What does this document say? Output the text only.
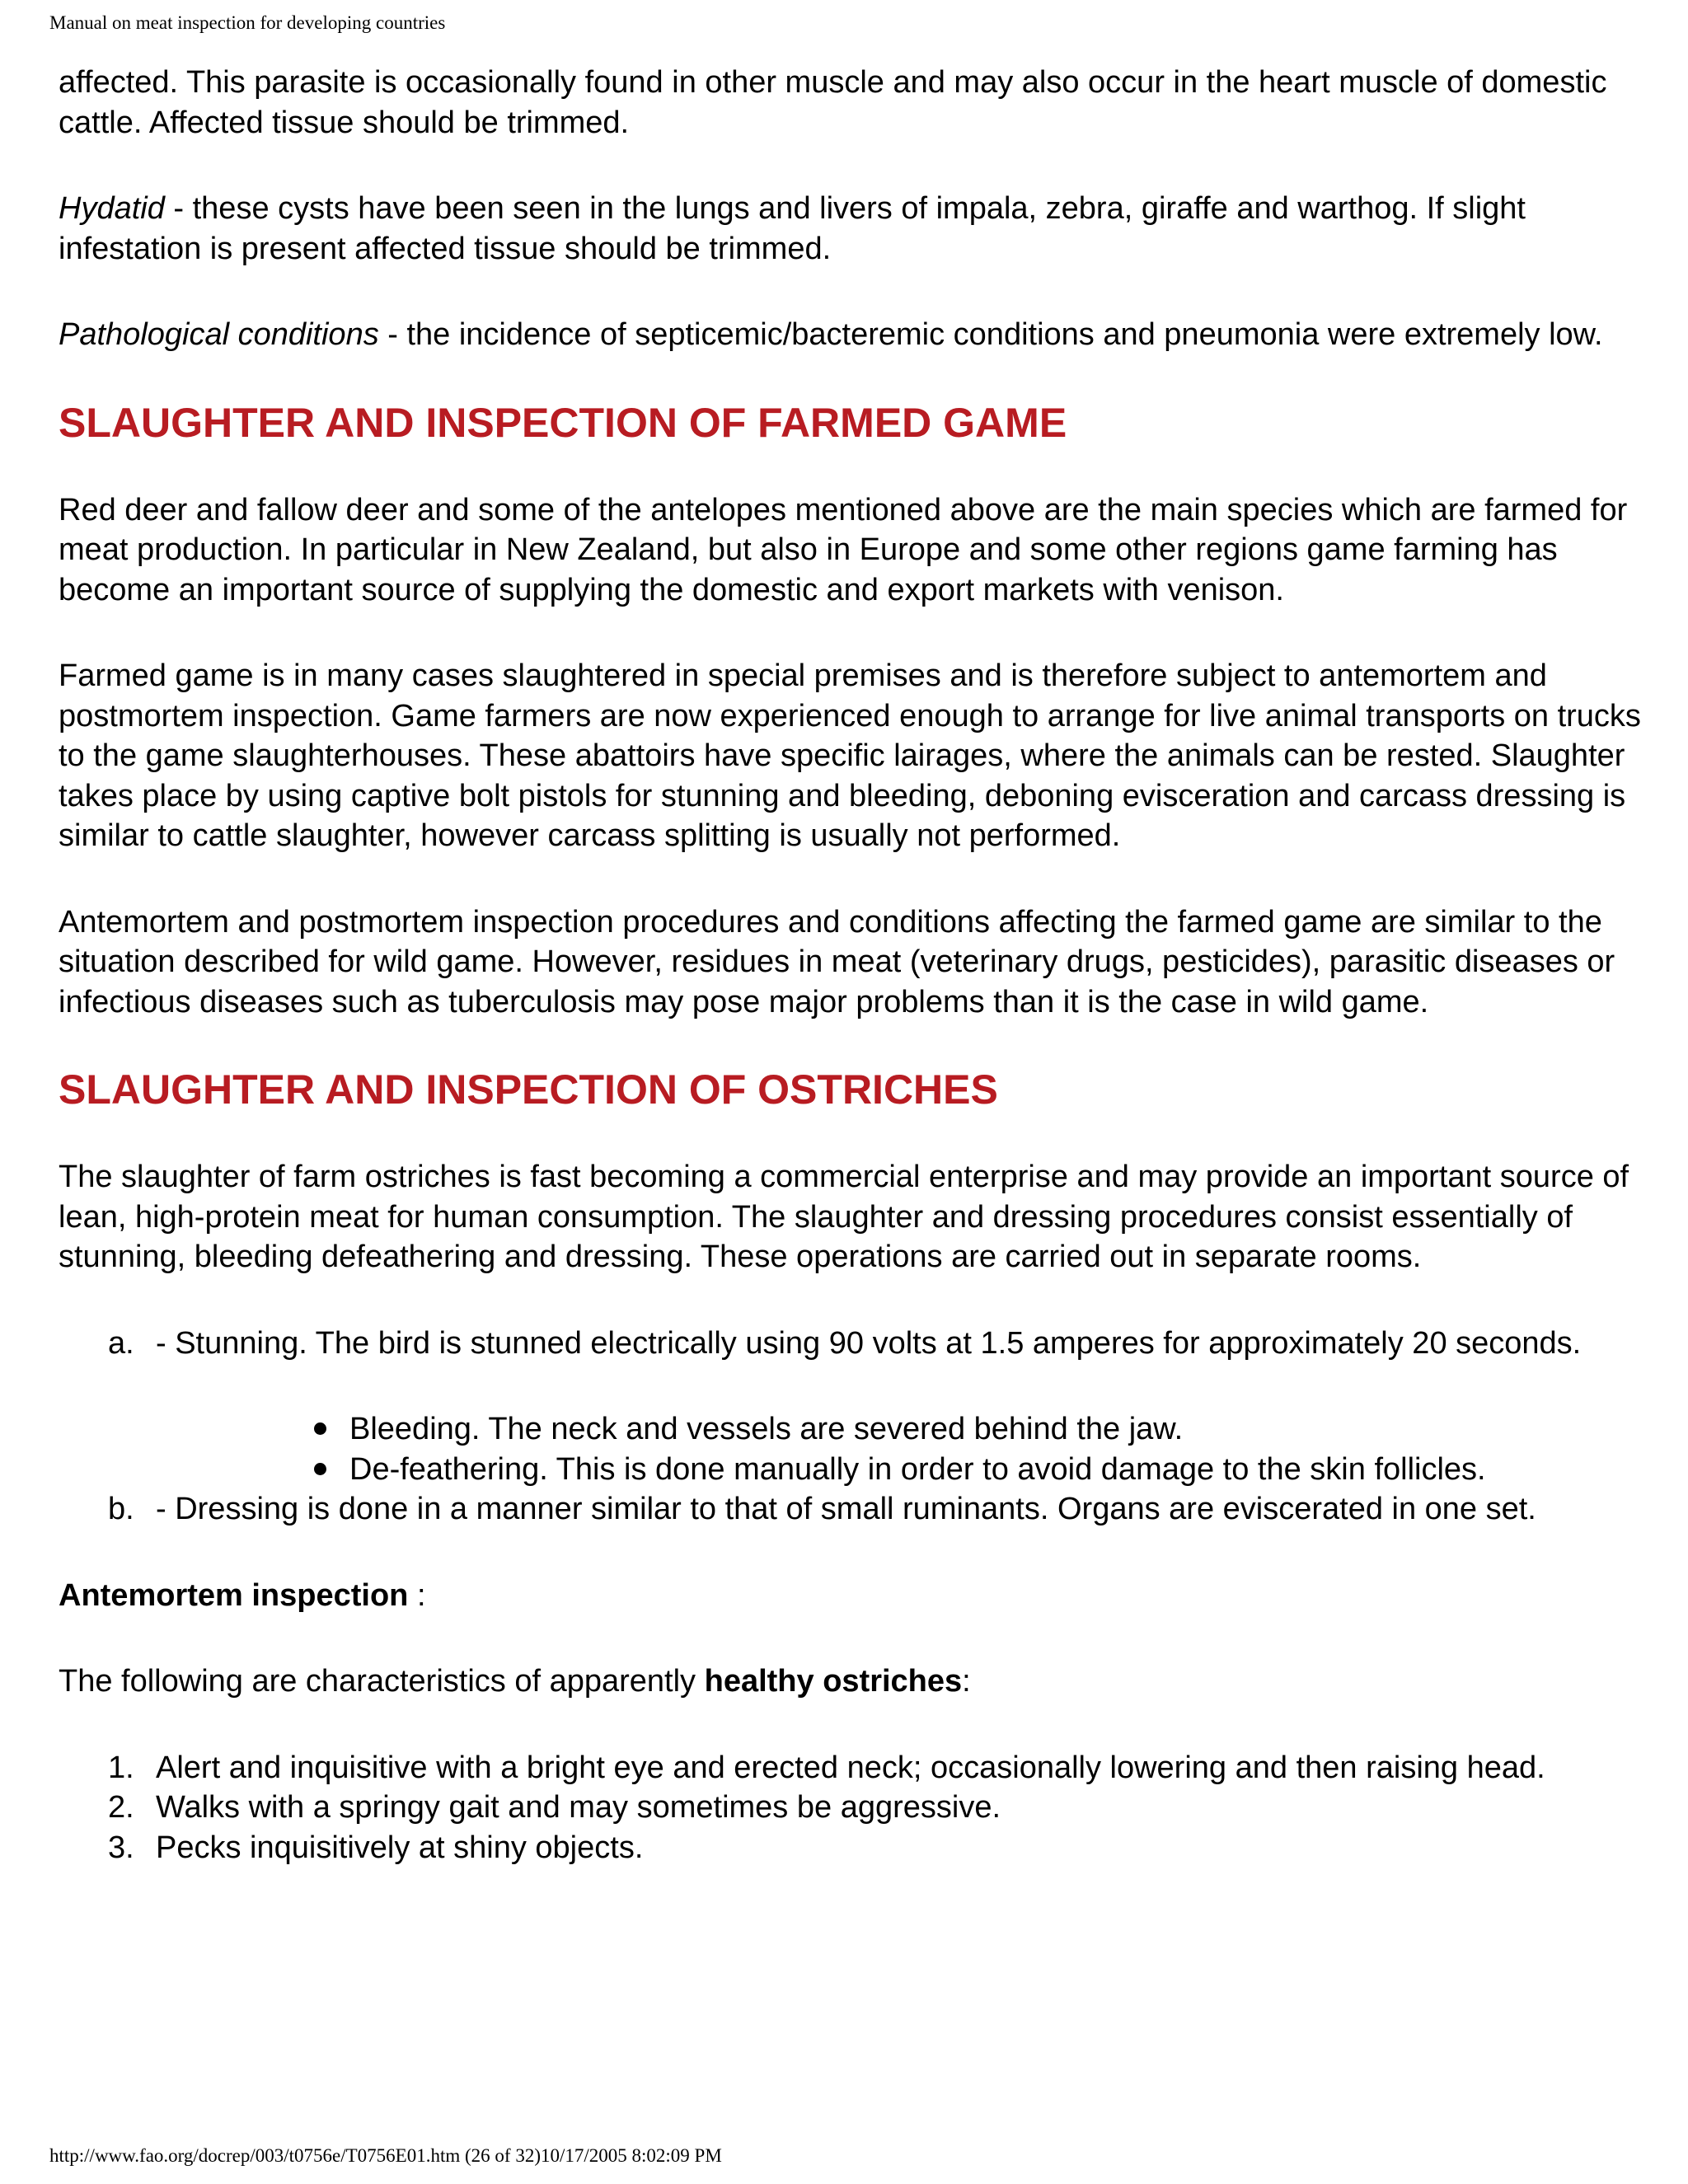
Manual on meat inspection for developing countries

affected. This parasite is occasionally found in other muscle and may also occur in the heart muscle of domestic cattle. Affected tissue should be trimmed.

Hydatid - these cysts have been seen in the lungs and livers of impala, zebra, giraffe and warthog. If slight infestation is present affected tissue should be trimmed.

Pathological conditions - the incidence of septicemic/bacteremic conditions and pneumonia were extremely low.

SLAUGHTER AND INSPECTION OF FARMED GAME

Red deer and fallow deer and some of the antelopes mentioned above are the main species which are farmed for meat production. In particular in New Zealand, but also in Europe and some other regions game farming has become an important source of supplying the domestic and export markets with venison.

Farmed game is in many cases slaughtered in special premises and is therefore subject to antemortem and postmortem inspection. Game farmers are now experienced enough to arrange for live animal transports on trucks to the game slaughterhouses. These abattoirs have specific lairages, where the animals can be rested. Slaughter takes place by using captive bolt pistols for stunning and bleeding, deboning evisceration and carcass dressing is similar to cattle slaughter, however carcass splitting is usually not performed.

Antemortem and postmortem inspection procedures and conditions affecting the farmed game are similar to the situation described for wild game. However, residues in meat (veterinary drugs, pesticides), parasitic diseases or infectious diseases such as tuberculosis may pose major problems than it is the case in wild game.

SLAUGHTER AND INSPECTION OF OSTRICHES

The slaughter of farm ostriches is fast becoming a commercial enterprise and may provide an important source of lean, high-protein meat for human consumption. The slaughter and dressing procedures consist essentially of stunning, bleeding defeathering and dressing. These operations are carried out in separate rooms.

a. - Stunning. The bird is stunned electrically using 90 volts at 1.5 amperes for approximately 20 seconds.
Bleeding. The neck and vessels are severed behind the jaw.
De-feathering. This is done manually in order to avoid damage to the skin follicles.
b. - Dressing is done in a manner similar to that of small ruminants. Organs are eviscerated in one set.

Antemortem inspection :

The following are characteristics of apparently healthy ostriches:

1. Alert and inquisitive with a bright eye and erected neck; occasionally lowering and then raising head.
2. Walks with a springy gait and may sometimes be aggressive.
3. Pecks inquisitively at shiny objects.
http://www.fao.org/docrep/003/t0756e/T0756E01.htm (26 of 32)10/17/2005 8:02:09 PM
